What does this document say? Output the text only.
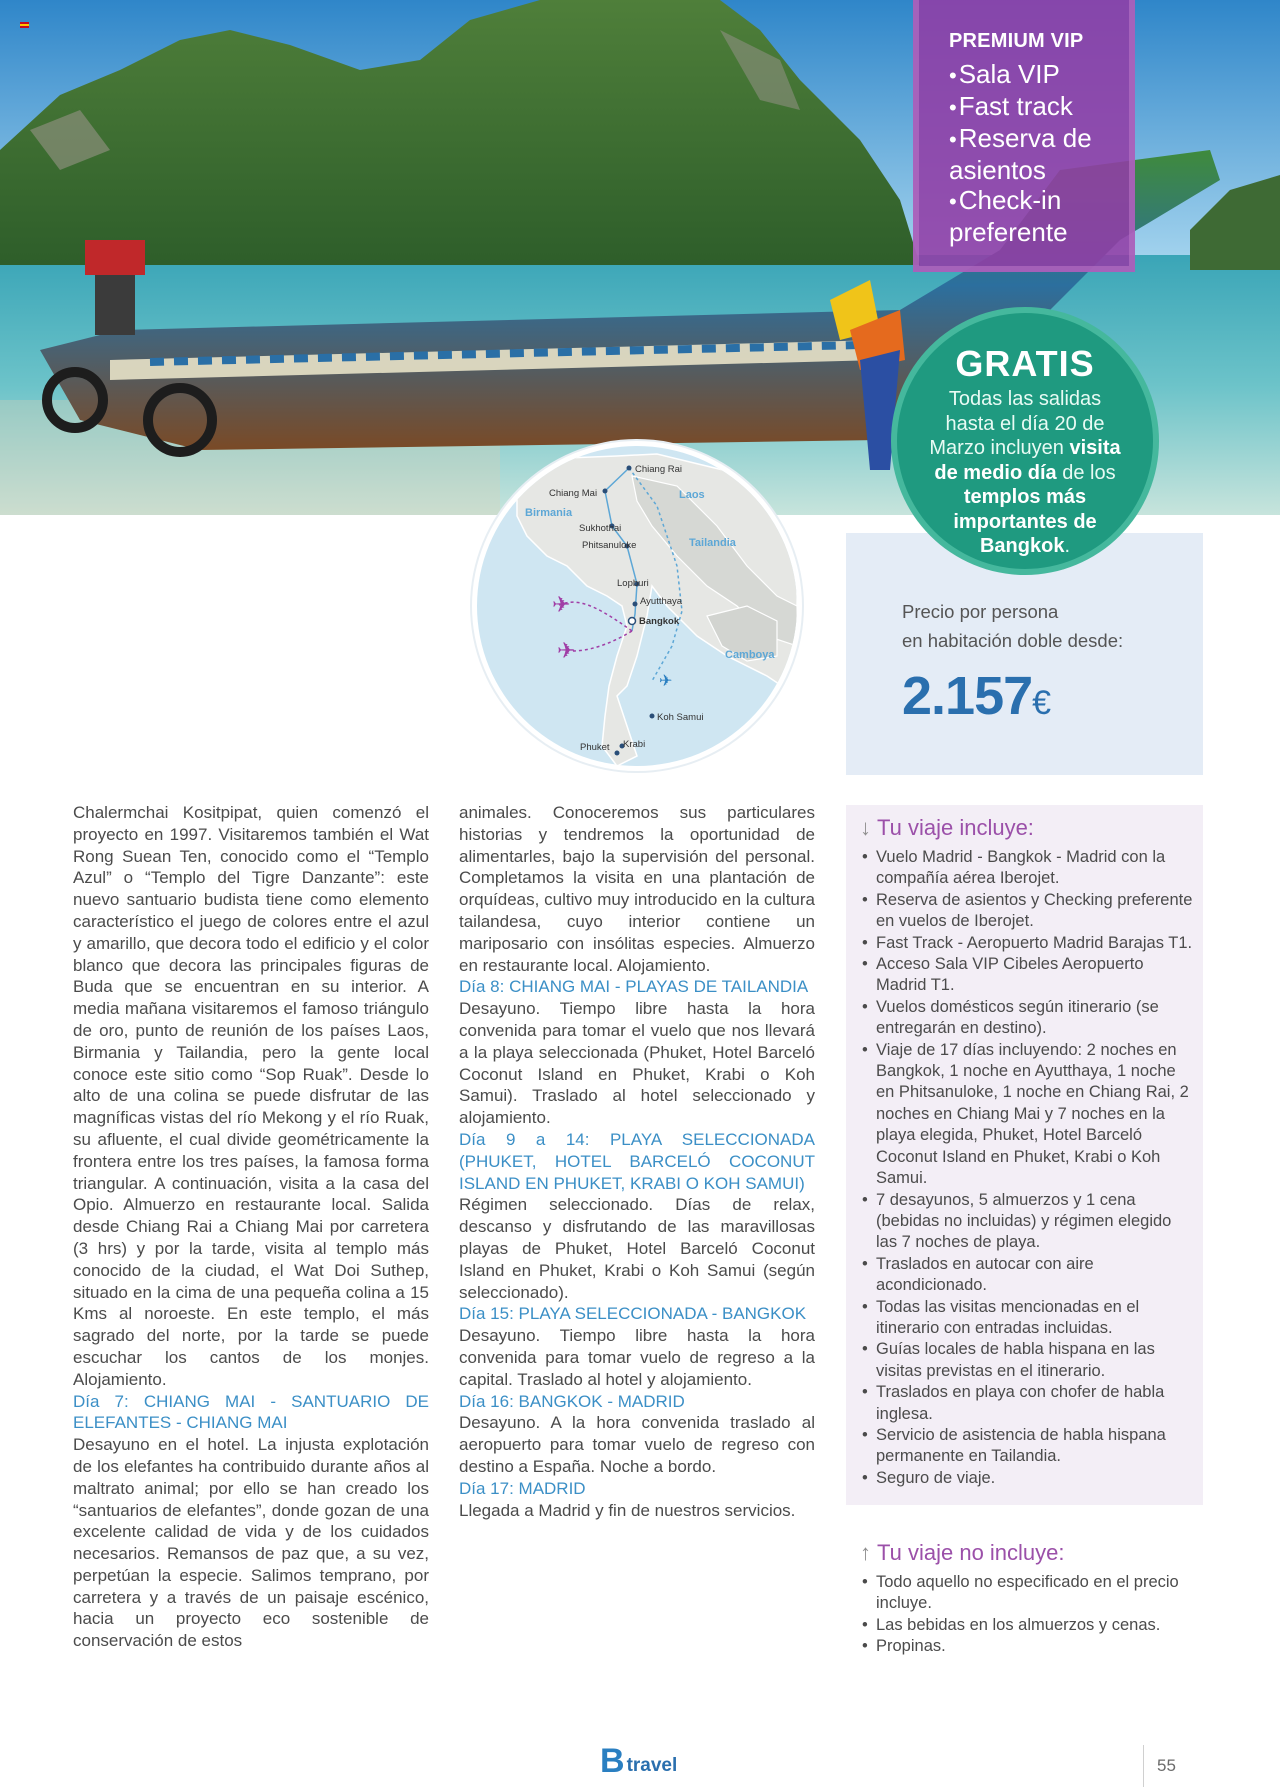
PREMIUM VIP
•Sala VIP
•Fast track
•Reserva de asientos
•Check-in preferente
✈
✈
✈
Chiang Rai
Chiang Mai
Sukhothai
Phitsanuloke
Lopburi
Ayutthaya
Bangkok
Koh Samui
Phuket Krabi
Laos
Birmania
Tailandia
Camboya
Precio por persona
en habitación doble desde:
2.157€
GRATIS
Todas las salidas hasta el día 20 de Marzo incluyen visita de medio día de los templos más importantes de Bangkok.

Chalermchai Kositpipat, quien comenzó el proyecto en 1997. Visitaremos también el Wat Rong Suean Ten, conocido como el “Templo Azul” o “Templo del Tigre Danzante”: este nuevo santuario budista tiene como elemento característico el juego de colores entre el azul y amarillo, que decora todo el edificio y el color blanco que decora las principales figuras de Buda que se encuentran en su interior. A media mañana visitaremos el famoso triángulo de oro, punto de reunión de los países Laos, Birmania y Tailandia, pero la gente local conoce este sitio como “Sop Ruak”. Desde lo alto de una colina se puede disfrutar de las magníficas vistas del río Mekong y el río Ruak, su afluente, el cual divide geométricamente la frontera entre los tres países, la famosa forma triangular. A continuación, visita a la casa del Opio. Almuerzo en restaurante local. Salida desde Chiang Rai a Chiang Mai por carretera (3 hrs) y por la tarde, visita al templo más conocido de la ciudad, el Wat Doi Suthep, situado en la cima de una pequeña colina a 15 Kms al noroeste. En este templo, el más sagrado del norte, por la tarde se puede escuchar los cantos de los monjes. Alojamiento.

Día 7: CHIANG MAI - SANTUARIO DE ELEFANTES - CHIANG MAI

Desayuno en el hotel. La injusta explotación de los elefantes ha contribuido durante años al maltrato animal; por ello se han creado los “santuarios de elefantes”, donde gozan de una excelente calidad de vida y de los cuidados necesarios. Remansos de paz que, a su vez, perpetúan la especie. Salimos temprano, por carretera y a través de un paisaje escénico, hacia un proyecto eco sostenible de conservación de estos

animales. Conoceremos sus particulares historias y tendremos la oportunidad de alimentarles, bajo la supervisión del personal. Completamos la visita en una plantación de orquídeas, cultivo muy introducido en la cultura tailandesa, cuyo interior contiene un mariposario con insólitas especies. Almuerzo en restaurante local. Alojamiento.

Día 8: CHIANG MAI - PLAYAS DE TAILANDIA

Desayuno. Tiempo libre hasta la hora convenida para tomar el vuelo que nos llevará a la playa seleccionada (Phuket, Hotel Barceló Coconut Island en Phuket, Krabi o Koh Samui). Traslado al hotel seleccionado y alojamiento.

Día 9 a 14: PLAYA SELECCIONADA (PHUKET, HOTEL BARCELÓ COCONUT ISLAND EN PHUKET, KRABI O KOH SAMUI)

Régimen seleccionado. Días de relax, descanso y disfrutando de las maravillosas playas de Phuket, Hotel Barceló Coconut Island en Phuket, Krabi o Koh Samui (según seleccionado).

Día 15: PLAYA SELECCIONADA - BANGKOK

Desayuno. Tiempo libre hasta la hora convenida para tomar vuelo de regreso a la capital. Traslado al hotel y alojamiento.

Día 16: BANGKOK - MADRID

Desayuno. A la hora convenida traslado al aeropuerto para tomar vuelo de regreso con destino a España. Noche a bordo.

Día 17: MADRID

Llegada a Madrid y fin de nuestros servicios.

↓ Tu viaje incluye:
• Vuelo Madrid - Bangkok - Madrid con la compañía aérea Iberojet.
• Reserva de asientos y Checking preferente en vuelos de Iberojet.
• Fast Track - Aeropuerto Madrid Barajas T1.
• Acceso Sala VIP Cibeles Aeropuerto Madrid T1.
• Vuelos domésticos según itinerario (se entregarán en destino).
• Viaje de 17 días incluyendo: 2 noches en Bangkok, 1 noche en Ayutthaya, 1 noche en Phitsanuloke, 1 noche en Chiang Rai, 2 noches en Chiang Mai y 7 noches en la playa elegida, Phuket, Hotel Barceló Coconut Island en Phuket, Krabi o Koh Samui.
• 7 desayunos, 5 almuerzos y 1 cena (bebidas no incluidas) y régimen elegido las 7 noches de playa.
• Traslados en autocar con aire acondicionado.
• Todas las visitas mencionadas en el itinerario con entradas incluidas.
• Guías locales de habla hispana en las visitas previstas en el itinerario.
• Traslados en playa con chofer de habla inglesa.
• Servicio de asistencia de habla hispana permanente en Tailandia.
• Seguro de viaje.
↑ Tu viaje no incluye:
• Todo aquello no especificado en el precio incluye.
• Las bebidas en los almuerzos y cenas.
• Propinas.
B travel	55
